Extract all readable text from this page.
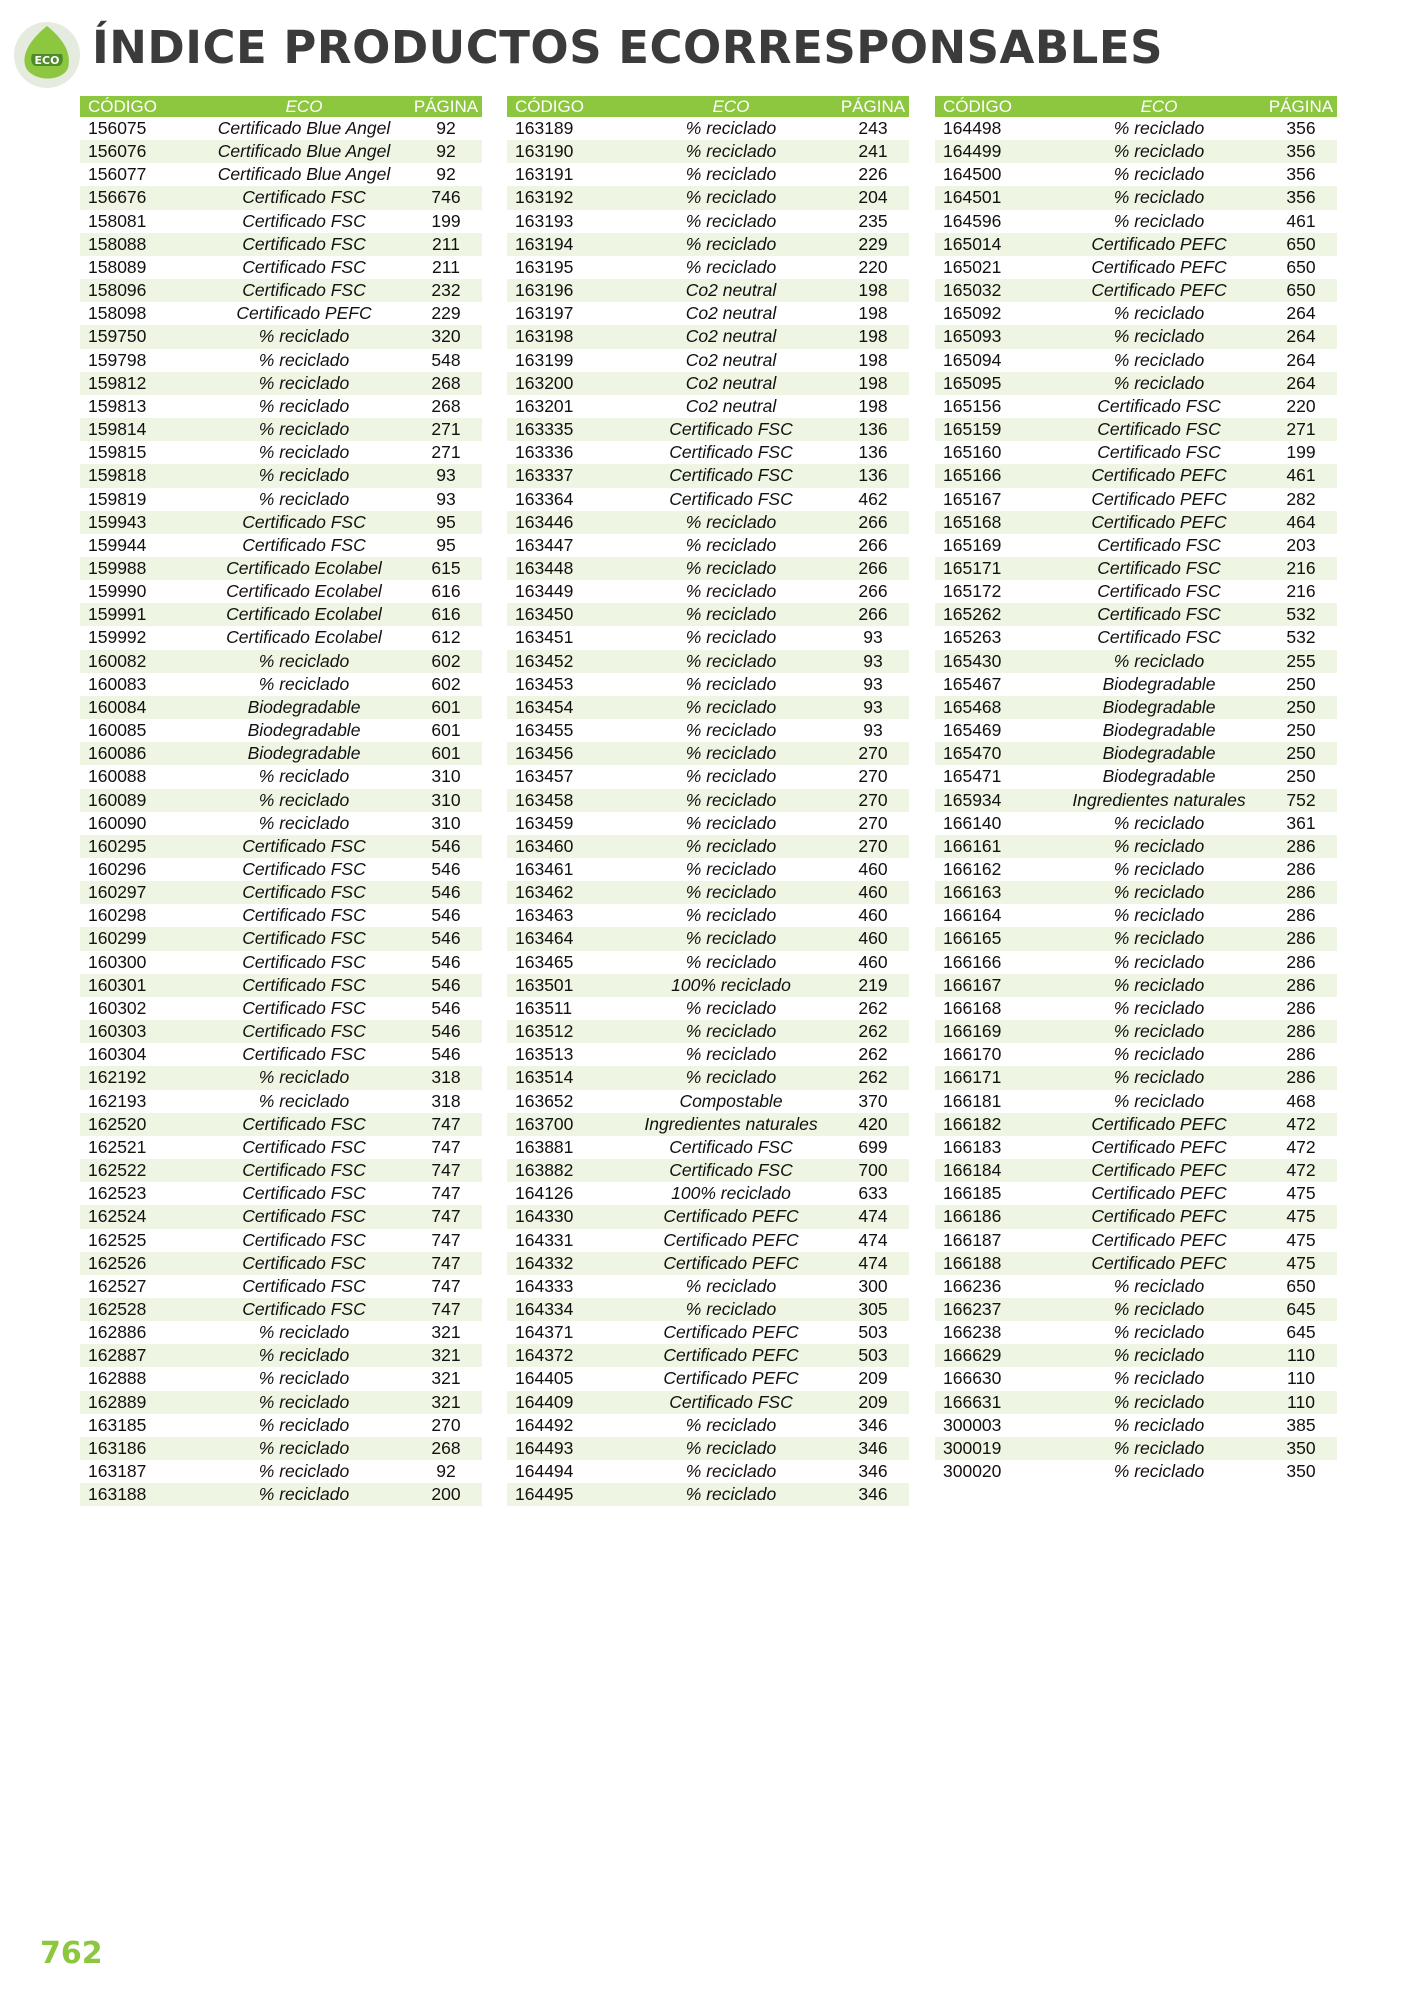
ECO ÍNDICE PRODUCTOS ECORRESPONSABLES
CÓDIGO	ECO	PÁGINA
156075	Certificado Blue Angel	92
156076	Certificado Blue Angel	92
156077	Certificado Blue Angel	92
156676	Certificado FSC	746
158081	Certificado FSC	199
158088	Certificado FSC	211
158089	Certificado FSC	211
158096	Certificado FSC	232
158098	Certificado PEFC	229
159750	% reciclado	320
159798	% reciclado	548
159812	% reciclado	268
159813	% reciclado	268
159814	% reciclado	271
159815	% reciclado	271
159818	% reciclado	93
159819	% reciclado	93
159943	Certificado FSC	95
159944	Certificado FSC	95
159988	Certificado Ecolabel	615
159990	Certificado Ecolabel	616
159991	Certificado Ecolabel	616
159992	Certificado Ecolabel	612
160082	% reciclado	602
160083	% reciclado	602
160084	Biodegradable	601
160085	Biodegradable	601
160086	Biodegradable	601
160088	% reciclado	310
160089	% reciclado	310
160090	% reciclado	310
160295	Certificado FSC	546
160296	Certificado FSC	546
160297	Certificado FSC	546
160298	Certificado FSC	546
160299	Certificado FSC	546
160300	Certificado FSC	546
160301	Certificado FSC	546
160302	Certificado FSC	546
160303	Certificado FSC	546
160304	Certificado FSC	546
162192	% reciclado	318
162193	% reciclado	318
162520	Certificado FSC	747
162521	Certificado FSC	747
162522	Certificado FSC	747
162523	Certificado FSC	747
162524	Certificado FSC	747
162525	Certificado FSC	747
162526	Certificado FSC	747
162527	Certificado FSC	747
162528	Certificado FSC	747
162886	% reciclado	321
162887	% reciclado	321
162888	% reciclado	321
162889	% reciclado	321
163185	% reciclado	270
163186	% reciclado	268
163187	% reciclado	92
163188	% reciclado	200
CÓDIGO	ECO	PÁGINA
163189	% reciclado	243
163190	% reciclado	241
163191	% reciclado	226
163192	% reciclado	204
163193	% reciclado	235
163194	% reciclado	229
163195	% reciclado	220
163196	Co2 neutral	198
163197	Co2 neutral	198
163198	Co2 neutral	198
163199	Co2 neutral	198
163200	Co2 neutral	198
163201	Co2 neutral	198
163335	Certificado FSC	136
163336	Certificado FSC	136
163337	Certificado FSC	136
163364	Certificado FSC	462
163446	% reciclado	266
163447	% reciclado	266
163448	% reciclado	266
163449	% reciclado	266
163450	% reciclado	266
163451	% reciclado	93
163452	% reciclado	93
163453	% reciclado	93
163454	% reciclado	93
163455	% reciclado	93
163456	% reciclado	270
163457	% reciclado	270
163458	% reciclado	270
163459	% reciclado	270
163460	% reciclado	270
163461	% reciclado	460
163462	% reciclado	460
163463	% reciclado	460
163464	% reciclado	460
163465	% reciclado	460
163501	100% reciclado	219
163511	% reciclado	262
163512	% reciclado	262
163513	% reciclado	262
163514	% reciclado	262
163652	Compostable	370
163700	Ingredientes naturales	420
163881	Certificado FSC	699
163882	Certificado FSC	700
164126	100% reciclado	633
164330	Certificado PEFC	474
164331	Certificado PEFC	474
164332	Certificado PEFC	474
164333	% reciclado	300
164334	% reciclado	305
164371	Certificado PEFC	503
164372	Certificado PEFC	503
164405	Certificado PEFC	209
164409	Certificado FSC	209
164492	% reciclado	346
164493	% reciclado	346
164494	% reciclado	346
164495	% reciclado	346
CÓDIGO	ECO	PÁGINA
164498	% reciclado	356
164499	% reciclado	356
164500	% reciclado	356
164501	% reciclado	356
164596	% reciclado	461
165014	Certificado PEFC	650
165021	Certificado PEFC	650
165032	Certificado PEFC	650
165092	% reciclado	264
165093	% reciclado	264
165094	% reciclado	264
165095	% reciclado	264
165156	Certificado FSC	220
165159	Certificado FSC	271
165160	Certificado FSC	199
165166	Certificado PEFC	461
165167	Certificado PEFC	282
165168	Certificado PEFC	464
165169	Certificado FSC	203
165171	Certificado FSC	216
165172	Certificado FSC	216
165262	Certificado FSC	532
165263	Certificado FSC	532
165430	% reciclado	255
165467	Biodegradable	250
165468	Biodegradable	250
165469	Biodegradable	250
165470	Biodegradable	250
165471	Biodegradable	250
165934	Ingredientes naturales	752
166140	% reciclado	361
166161	% reciclado	286
166162	% reciclado	286
166163	% reciclado	286
166164	% reciclado	286
166165	% reciclado	286
166166	% reciclado	286
166167	% reciclado	286
166168	% reciclado	286
166169	% reciclado	286
166170	% reciclado	286
166171	% reciclado	286
166181	% reciclado	468
166182	Certificado PEFC	472
166183	Certificado PEFC	472
166184	Certificado PEFC	472
166185	Certificado PEFC	475
166186	Certificado PEFC	475
166187	Certificado PEFC	475
166188	Certificado PEFC	475
166236	% reciclado	650
166237	% reciclado	645
166238	% reciclado	645
166629	% reciclado	110
166630	% reciclado	110
166631	% reciclado	110
300003	% reciclado	385
300019	% reciclado	350
300020	% reciclado	350
762
